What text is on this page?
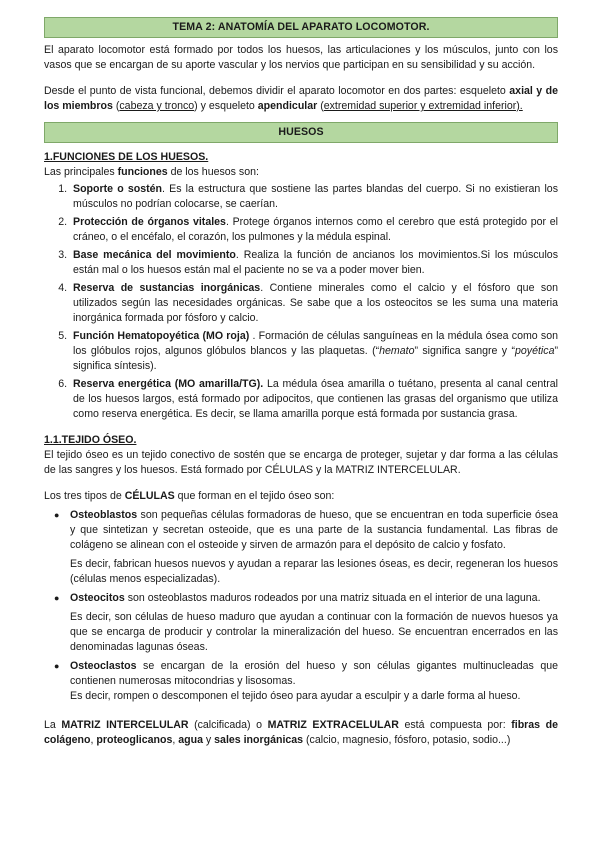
TEMA 2: ANATOMÍA DEL APARATO LOCOMOTOR.

El aparato locomotor está formado por todos los huesos, las articulaciones y los músculos, junto con los vasos que se encargan de su aporte vascular y los nervios que participan en su sensibilidad y su acción.

Desde el punto de vista funcional, debemos dividir el aparato locomotor en dos partes: esqueleto axial y de los miembros (cabeza y tronco) y esqueleto apendicular (extremidad superior y extremidad inferior).

HUESOS

1.FUNCIONES DE LOS HUESOS.

Las principales funciones de los huesos son:

1. Soporte o sostén. Es la estructura que sostiene las partes blandas del cuerpo. Si no existieran los músculos no podrían colocarse, se caerían.

2. Protección de órganos vitales. Protege órganos internos como el cerebro que está protegido por el cráneo, o el encéfalo, el corazón, los pulmones y la médula espinal.

3. Base mecánica del movimiento. Realiza la función de ancianos los movimientos.Si los músculos están mal o los huesos están mal el paciente no se va a poder mover bien.

4. Reserva de sustancias inorgánicas. Contiene minerales como el calcio y el fósforo que son utilizados según las necesidades orgánicas. Se sabe que a los osteocitos se les suma una materia inorgánica formada por fósforo y calcio.

5. Función Hematopoyética (MO roja) . Formación de células sanguíneas en la médula ósea como son los glóbulos rojos, algunos glóbulos blancos y las plaquetas. (“hemato” significa sangre y “poyética” significa síntesis).

6. Reserva energética (MO amarilla/TG). La médula ósea amarilla o tuétano, presenta al canal central de los huesos largos, está formado por adipocitos, que contienen las grasas del organismo que utiliza como reserva energética. Es decir, se llama amarilla porque está formada por sustancia grasa.

1.1.TEJIDO ÓSEO.

El tejido óseo es un tejido conectivo de sostén que se encarga de proteger, sujetar y dar forma a las células de las sangres y los huesos. Está formado por CÉLULAS y la MATRIZ INTERCELULAR.

Los tres tipos de CÉLULAS que forman en el tejido óseo son:

● Osteoblastos son pequeñas células formadoras de hueso, que se encuentran en toda superficie ósea y que sintetizan y secretan osteoide, que es una parte de la sustancia fundamental. Las fibras de colágeno se alinean con el osteoide y sirven de armazón para el depósito de calcio y fosfato.

Es decir, fabrican huesos nuevos y ayudan a reparar las lesiones óseas, es decir, regeneran los huesos (células menos especializadas).

● Osteocitos son osteoblastos maduros rodeados por una matriz situada en el interior de una laguna.

Es decir, son células de hueso maduro que ayudan a continuar con la formación de nuevos huesos ya que se encarga de producir y controlar la mineralización del hueso. Se encuentran encerrados en las denominadas lagunas óseas.

● Osteoclastos se encargan de la erosión del hueso y son células gigantes multinucleadas que contienen numerosas mitocondrias y lisosomas.

Es decir, rompen o descomponen el tejido óseo para ayudar a esculpir y a darle forma al hueso.

La MATRIZ INTERCELULAR (calcificada) o MATRIZ EXTRACELULAR está compuesta por: fibras de colágeno, proteoglicanos, agua y sales inorgánicas (calcio, magnesio, fósforo, potasio, sodio...)
